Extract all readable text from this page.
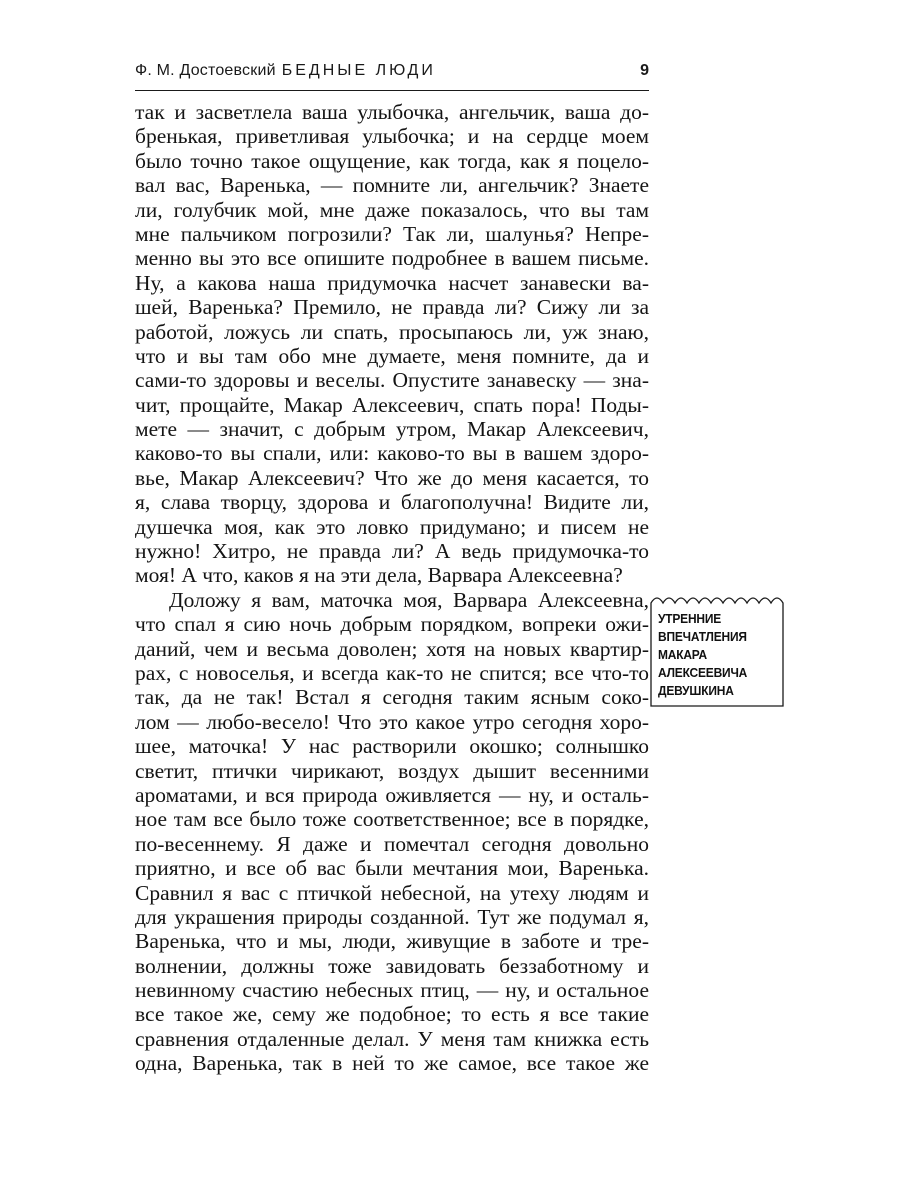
Ф. М. Достоевский БЕДНЫЕ ЛЮДИ	9
так и засветлела ваша улыбочка, ангельчик, ваша до-
бренькая, приветливая улыбочка; и на сердце моем
было точно такое ощущение, как тогда, как я поцело-
вал вас, Варенька, — помните ли, ангельчик? Знаете
ли, голубчик мой, мне даже показалось, что вы там
мне пальчиком погрозили? Так ли, шалунья? Непре-
менно вы это все опишите подробнее в вашем письме.
Ну, а какова наша придумочка насчет занавески ва-
шей, Варенька? Премило, не правда ли? Сижу ли за
работой, ложусь ли спать, просыпаюсь ли, уж знаю,
что и вы там обо мне думаете, меня помните, да и
сами-то здоровы и веселы. Опустите занавеску — зна-
чит, прощайте, Макар Алексеевич, спать пора! Поды-
мете — значит, с добрым утром, Макар Алексеевич,
каково-то вы спали, или: каково-то вы в вашем здоро-
вье, Макар Алексеевич? Что же до меня касается, то
я, слава творцу, здорова и благополучна! Видите ли,
душечка моя, как это ловко придумано; и писем не
нужно! Хитро, не правда ли? А ведь придумочка-то
моя! А что, каков я на эти дела, Варвара Алексеевна?
Доложу я вам, маточка моя, Варвара Алексеевна,
что спал я сию ночь добрым порядком, вопреки ожи-
даний, чем и весьма доволен; хотя на новых квартир-
рах, с новоселья, и всегда как-то не спится; все что-то
так, да не так! Встал я сегодня таким ясным соко-
лом — любо-весело! Что это какое утро сегодня хоро-
шее, маточка! У нас растворили окошко; солнышко
светит, птички чирикают, воздух дышит весенними
ароматами, и вся природа оживляется — ну, и осталь-
ное там все было тоже соответственное; все в порядке,
по-весеннему. Я даже и помечтал сегодня довольно
приятно, и все об вас были мечтания мои, Варенька.
Сравнил я вас с птичкой небесной, на утеху людям и
для украшения природы созданной. Тут же подумал я,
Варенька, что и мы, люди, живущие в заботе и тре-
волнении, должны тоже завидовать беззаботному и
невинному счастию небесных птиц, — ну, и остальное
все такое же, сему же подобное; то есть я все такие
сравнения отдаленные делал. У меня там книжка есть
одна, Варенька, так в ней то же самое, все такое же
УТРЕННИЕ
ВПЕЧАТЛЕНИЯ
МАКАРА
АЛЕКСЕЕВИЧА
ДЕВУШКИНА
